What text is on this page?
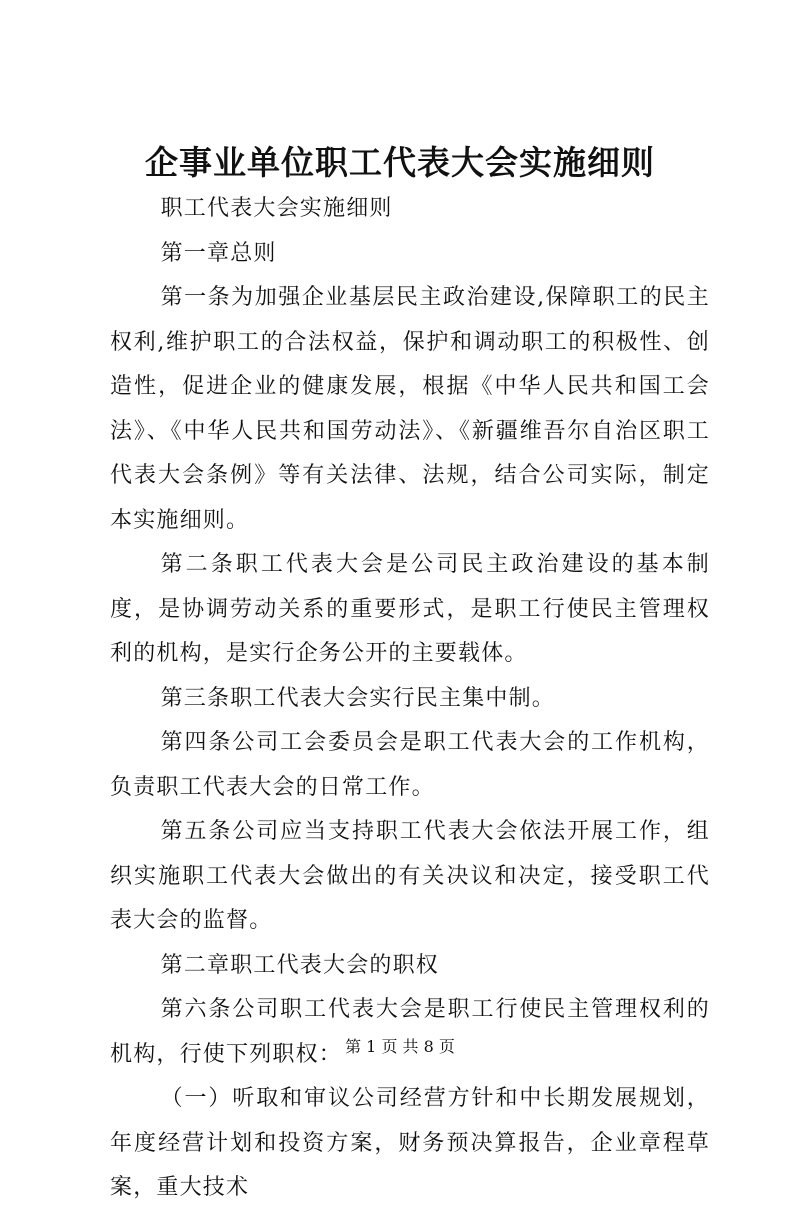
企事业单位职工代表大会实施细则

职工代表大会实施细则

第一章总则

第一条为加强企业基层民主政治建设,保障职工的民主权利,维护职工的合法权益，保护和调动职工的积极性、创造性，促进企业的健康发展，根据《中华人民共和国工会法》、《中华人民共和国劳动法》、《新疆维吾尔自治区职工代表大会条例》等有关法律、法规，结合公司实际，制定本实施细则。

第二条职工代表大会是公司民主政治建设的基本制度，是协调劳动关系的重要形式，是职工行使民主管理权利的机构，是实行企务公开的主要载体。

第三条职工代表大会实行民主集中制。

第四条公司工会委员会是职工代表大会的工作机构，负责职工代表大会的日常工作。

第五条公司应当支持职工代表大会依法开展工作，组织实施职工代表大会做出的有关决议和决定，接受职工代表大会的监督。

第二章职工代表大会的职权

第六条公司职工代表大会是职工行使民主管理权利的机构，行使下列职权：

（一）听取和审议公司经营方针和中长期发展规划，年度经营计划和投资方案，财务预决算报告，企业章程草案，重大技术

第 1 页 共 8 页
